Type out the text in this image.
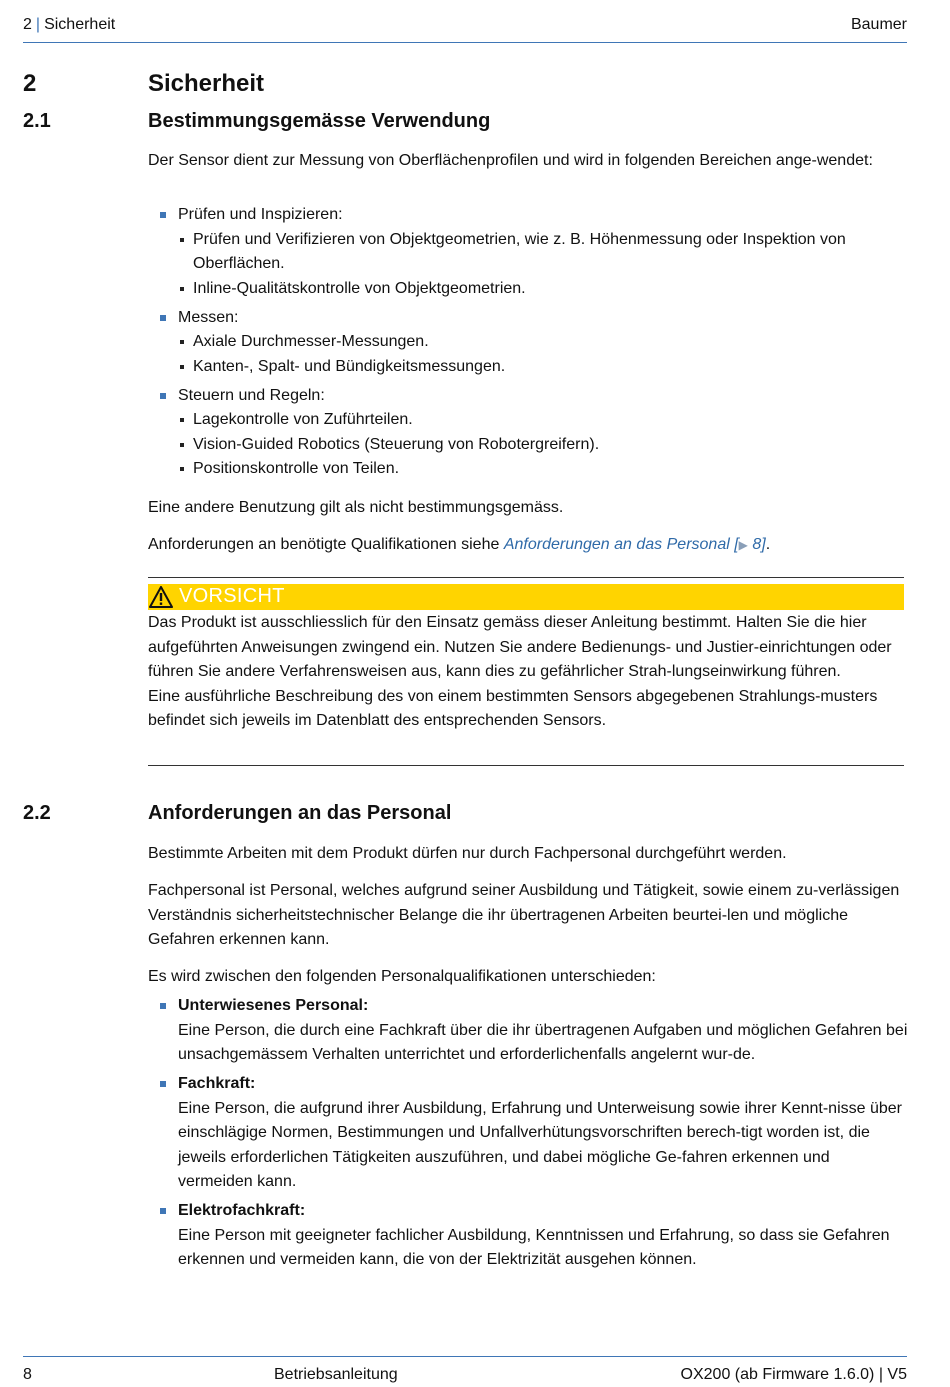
2 | Sicherheit	Baumer
2	Sicherheit
2.1	Bestimmungsgemässe Verwendung

Der Sensor dient zur Messung von Oberflächenprofilen und wird in folgenden Bereichen ange-wendet:

Prüfen und Inspizieren:
Prüfen und Verifizieren von Objektgeometrien, wie z. B. Höhenmessung oder Inspektion von Oberflächen.
Inline-Qualitätskontrolle von Objektgeometrien.
Messen:
Axiale Durchmesser-Messungen.
Kanten-, Spalt- und Bündigkeitsmessungen.
Steuern und Regeln:
Lagekontrolle von Zuführteilen.
Vision-Guided Robotics (Steuerung von Robotergreifern).
Positionskontrolle von Teilen.

Eine andere Benutzung gilt als nicht bestimmungsgemäss.

Anforderungen an benötigte Qualifikationen siehe Anforderungen an das Personal [▶ 8].
VORSICHT
Das Produkt ist ausschliesslich für den Einsatz gemäss dieser Anleitung bestimmt. Halten Sie die hier aufgeführten Anweisungen zwingend ein. Nutzen Sie andere Bedienungs- und Justier-einrichtungen oder führen Sie andere Verfahrensweisen aus, kann dies zu gefährlicher Strah-lungseinwirkung führen.
Eine ausführliche Beschreibung des von einem bestimmten Sensors abgegebenen Strahlungs-musters befindet sich jeweils im Datenblatt des entsprechenden Sensors.
2.2	Anforderungen an das Personal

Bestimmte Arbeiten mit dem Produkt dürfen nur durch Fachpersonal durchgeführt werden.

Fachpersonal ist Personal, welches aufgrund seiner Ausbildung und Tätigkeit, sowie einem zu-verlässigen Verständnis sicherheitstechnischer Belange die ihr übertragenen Arbeiten beurtei-len und mögliche Gefahren erkennen kann.

Es wird zwischen den folgenden Personalqualifikationen unterschieden:

Unterwiesenes Personal:
Eine Person, die durch eine Fachkraft über die ihr übertragenen Aufgaben und möglichen Gefahren bei unsachgemässem Verhalten unterrichtet und erforderlichenfalls angelernt wur-de.
Fachkraft:
Eine Person, die aufgrund ihrer Ausbildung, Erfahrung und Unterweisung sowie ihrer Kennt-nisse über einschlägige Normen, Bestimmungen und Unfallverhütungsvorschriften berech-tigt worden ist, die jeweils erforderlichen Tätigkeiten auszuführen, und dabei mögliche Ge-fahren erkennen und vermeiden kann.
Elektrofachkraft:
Eine Person mit geeigneter fachlicher Ausbildung, Kenntnissen und Erfahrung, so dass sie Gefahren erkennen und vermeiden kann, die von der Elektrizität ausgehen können.
8	Betriebsanleitung	OX200 (ab Firmware 1.6.0) | V5
